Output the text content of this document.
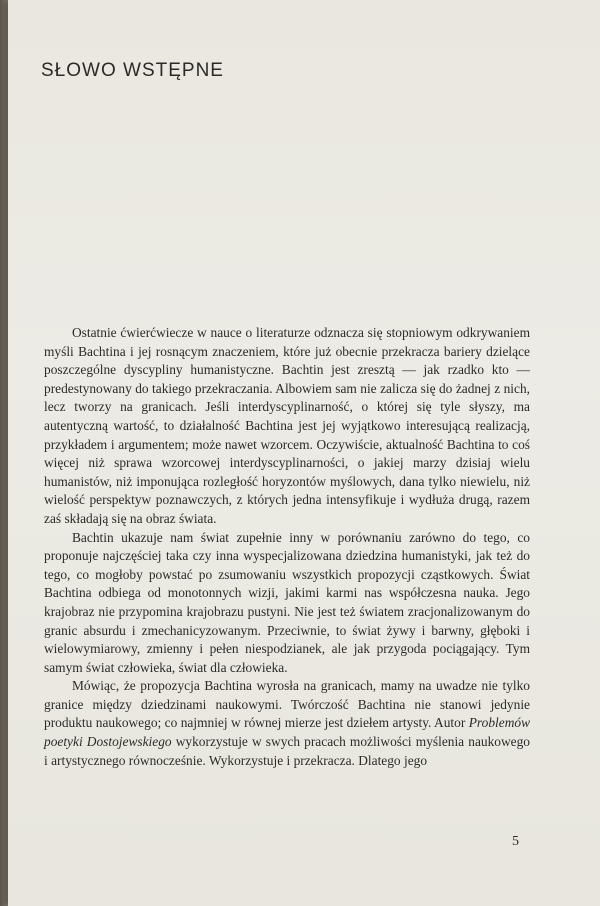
SŁOWO WSTĘPNE

Ostatnie ćwierćwiecze w nauce o literaturze odznacza się stopniowym odkrywaniem myśli Bachtina i jej rosnącym znaczeniem, które już obecnie przekracza bariery dzielące poszczególne dyscypliny humanistyczne. Bachtin jest zresztą — jak rzadko kto — predestynowany do takiego przekraczania. Albowiem sam nie zalicza się do żadnej z nich, lecz tworzy na granicach. Jeśli interdyscyplinarność, o której się tyle słyszy, ma autentyczną wartość, to działalność Bachtina jest jej wyjątkowo interesującą realizacją, przykładem i argumentem; może nawet wzorcem. Oczywiście, aktualność Bachtina to coś więcej niż sprawa wzorcowej interdyscyplinarności, o jakiej marzy dzisiaj wielu humanistów, niż imponująca rozległość horyzontów myślowych, dana tylko niewielu, niż wielość perspektyw poznawczych, z których jedna intensyfikuje i wydłuża drugą, razem zaś składają się na obraz świata.

Bachtin ukazuje nam świat zupełnie inny w porównaniu zarówno do tego, co proponuje najczęściej taka czy inna wyspecjalizowana dziedzina humanistyki, jak też do tego, co mogłoby powstać po zsumowaniu wszystkich propozycji cząstkowych. Świat Bachtina odbiega od monotonnych wizji, jakimi karmi nas współczesna nauka. Jego krajobraz nie przypomina krajobrazu pustyni. Nie jest też światem zracjonalizowanym do granic absurdu i zmechanicyzowanym. Przeciwnie, to świat żywy i barwny, głęboki i wielowymiarowy, zmienny i pełen niespodzianek, ale jak przygoda pociągający. Tym samym świat człowieka, świat dla człowieka.

Mówiąc, że propozycja Bachtina wyrosła na granicach, mamy na uwadze nie tylko granice między dziedzinami naukowymi. Twórczość Bachtina nie stanowi jedynie produktu naukowego; co najmniej w równej mierze jest dziełem artysty. Autor Problemów poetyki Dostojewskiego wykorzystuje w swych pracach możliwości myślenia naukowego i artystycznego równocześnie. Wykorzystuje i przekracza. Dlatego jego

5
